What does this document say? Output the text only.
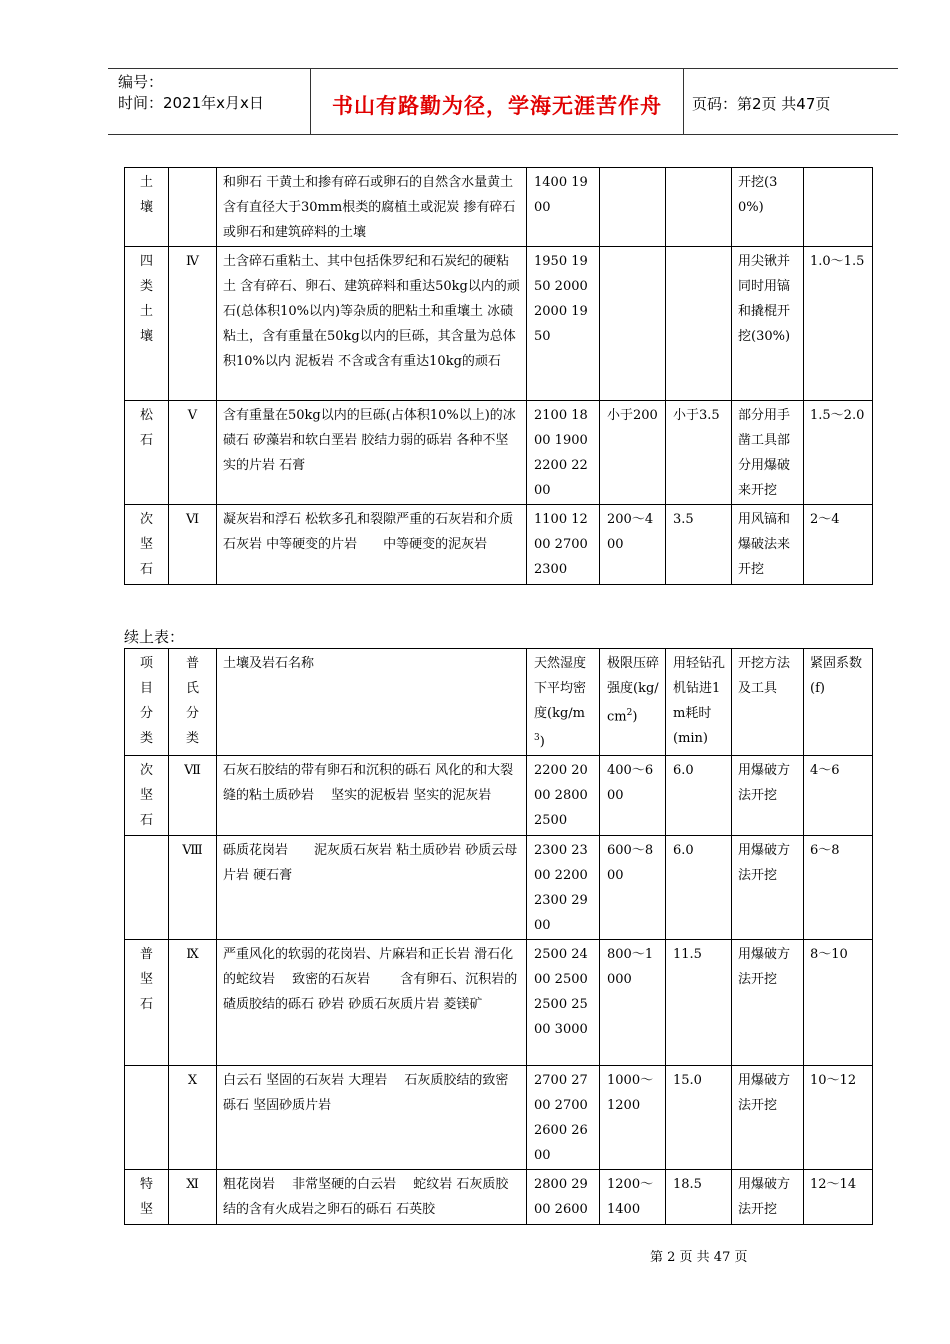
编号：
时间：2021年x月x日	书山有路勤为径，学海无涯苦作舟	页码：第2页 共47页
土壤		和卵石 干黄土和掺有碎石或卵石的自然含水量黄土 含有直径大于30mm根类的腐植土或泥炭 掺有碎石或卵石和建筑碎料的土壤	1400 1900			开挖(30%)	
四类土壤	Ⅳ	土含碎石重粘土、其中包括侏罗纪和石炭纪的硬粘土 含有碎石、卵石、建筑碎料和重达50kg以内的顽石(总体积10%以内)等杂质的肥粘土和重壤土 冰碛粘土，含有重量在50kg以内的巨砾，其含量为总体积10%以内 泥板岩 不含或含有重达10kg的顽石	1950 1950 2000 2000 1950			用尖锹并同时用镐和撬棍开挖(30%)	1.0～1.5
松石	Ⅴ	含有重量在50kg以内的巨砾(占体积10%以上)的冰碛石 矽藻岩和软白垩岩 胶结力弱的砾岩 各种不坚实的片岩 石膏	2100 1800 1900 2200 2200	小于200	小于3.5	部分用手凿工具部分用爆破来开挖	1.5～2.0
次坚石	Ⅵ	凝灰岩和浮石 松软多孔和裂隙严重的石灰岩和介质石灰岩 中等硬变的片岩　　中等硬变的泥灰岩	1100 1200 2700 2300	200～400	3.5	用风镐和爆破法来开挖	2～4
续上表：
项目分类	普氏分类	土壤及岩石名称	天然湿度下平均密度$(kg/m^3)$	极限压碎强度$(kg/cm^2)$	用轻钻孔机钻进1m耗时(min)	开挖方法及工具	紧固系数 (f)
次坚石	Ⅶ	石灰石胶结的带有卵石和沉积的砾石 风化的和大裂缝的粘土质砂岩　 坚实的泥板岩 坚实的泥灰岩	2200 2000 2800 2500	400～600	6.0	用爆破方法开挖	4～6
	Ⅷ	砾质花岗岩　　泥灰质石灰岩 粘土质砂岩 砂质云母片岩 硬石膏	2300 2300 2200 2300 2900	600～800	6.0	用爆破方法开挖	6～8
普坚石	Ⅸ	严重风化的软弱的花岗岩、片麻岩和正长岩 滑石化的蛇纹岩　 致密的石灰岩　　 含有卵石、沉积岩的碴质胶结的砾石 砂岩 砂质石灰质片岩 菱镁矿	2500 2400 2500 2500 2500 3000	800～1000	11.5	用爆破方法开挖	8～10
	Ⅹ	白云石 坚固的石灰岩 大理岩　 石灰质胶结的致密砾石 坚固砂质片岩	2700 2700 2700 2600 2600	1000～1200	15.0	用爆破方法开挖	10～12
特坚	Ⅺ	粗花岗岩　 非常坚硬的白云岩　 蛇纹岩 石灰质胶结的含有火成岩之卵石的砾石 石英胶	2800 2900 2600	1200～1400	18.5	用爆破方法开挖	12～14
第 2 页 共 47 页
